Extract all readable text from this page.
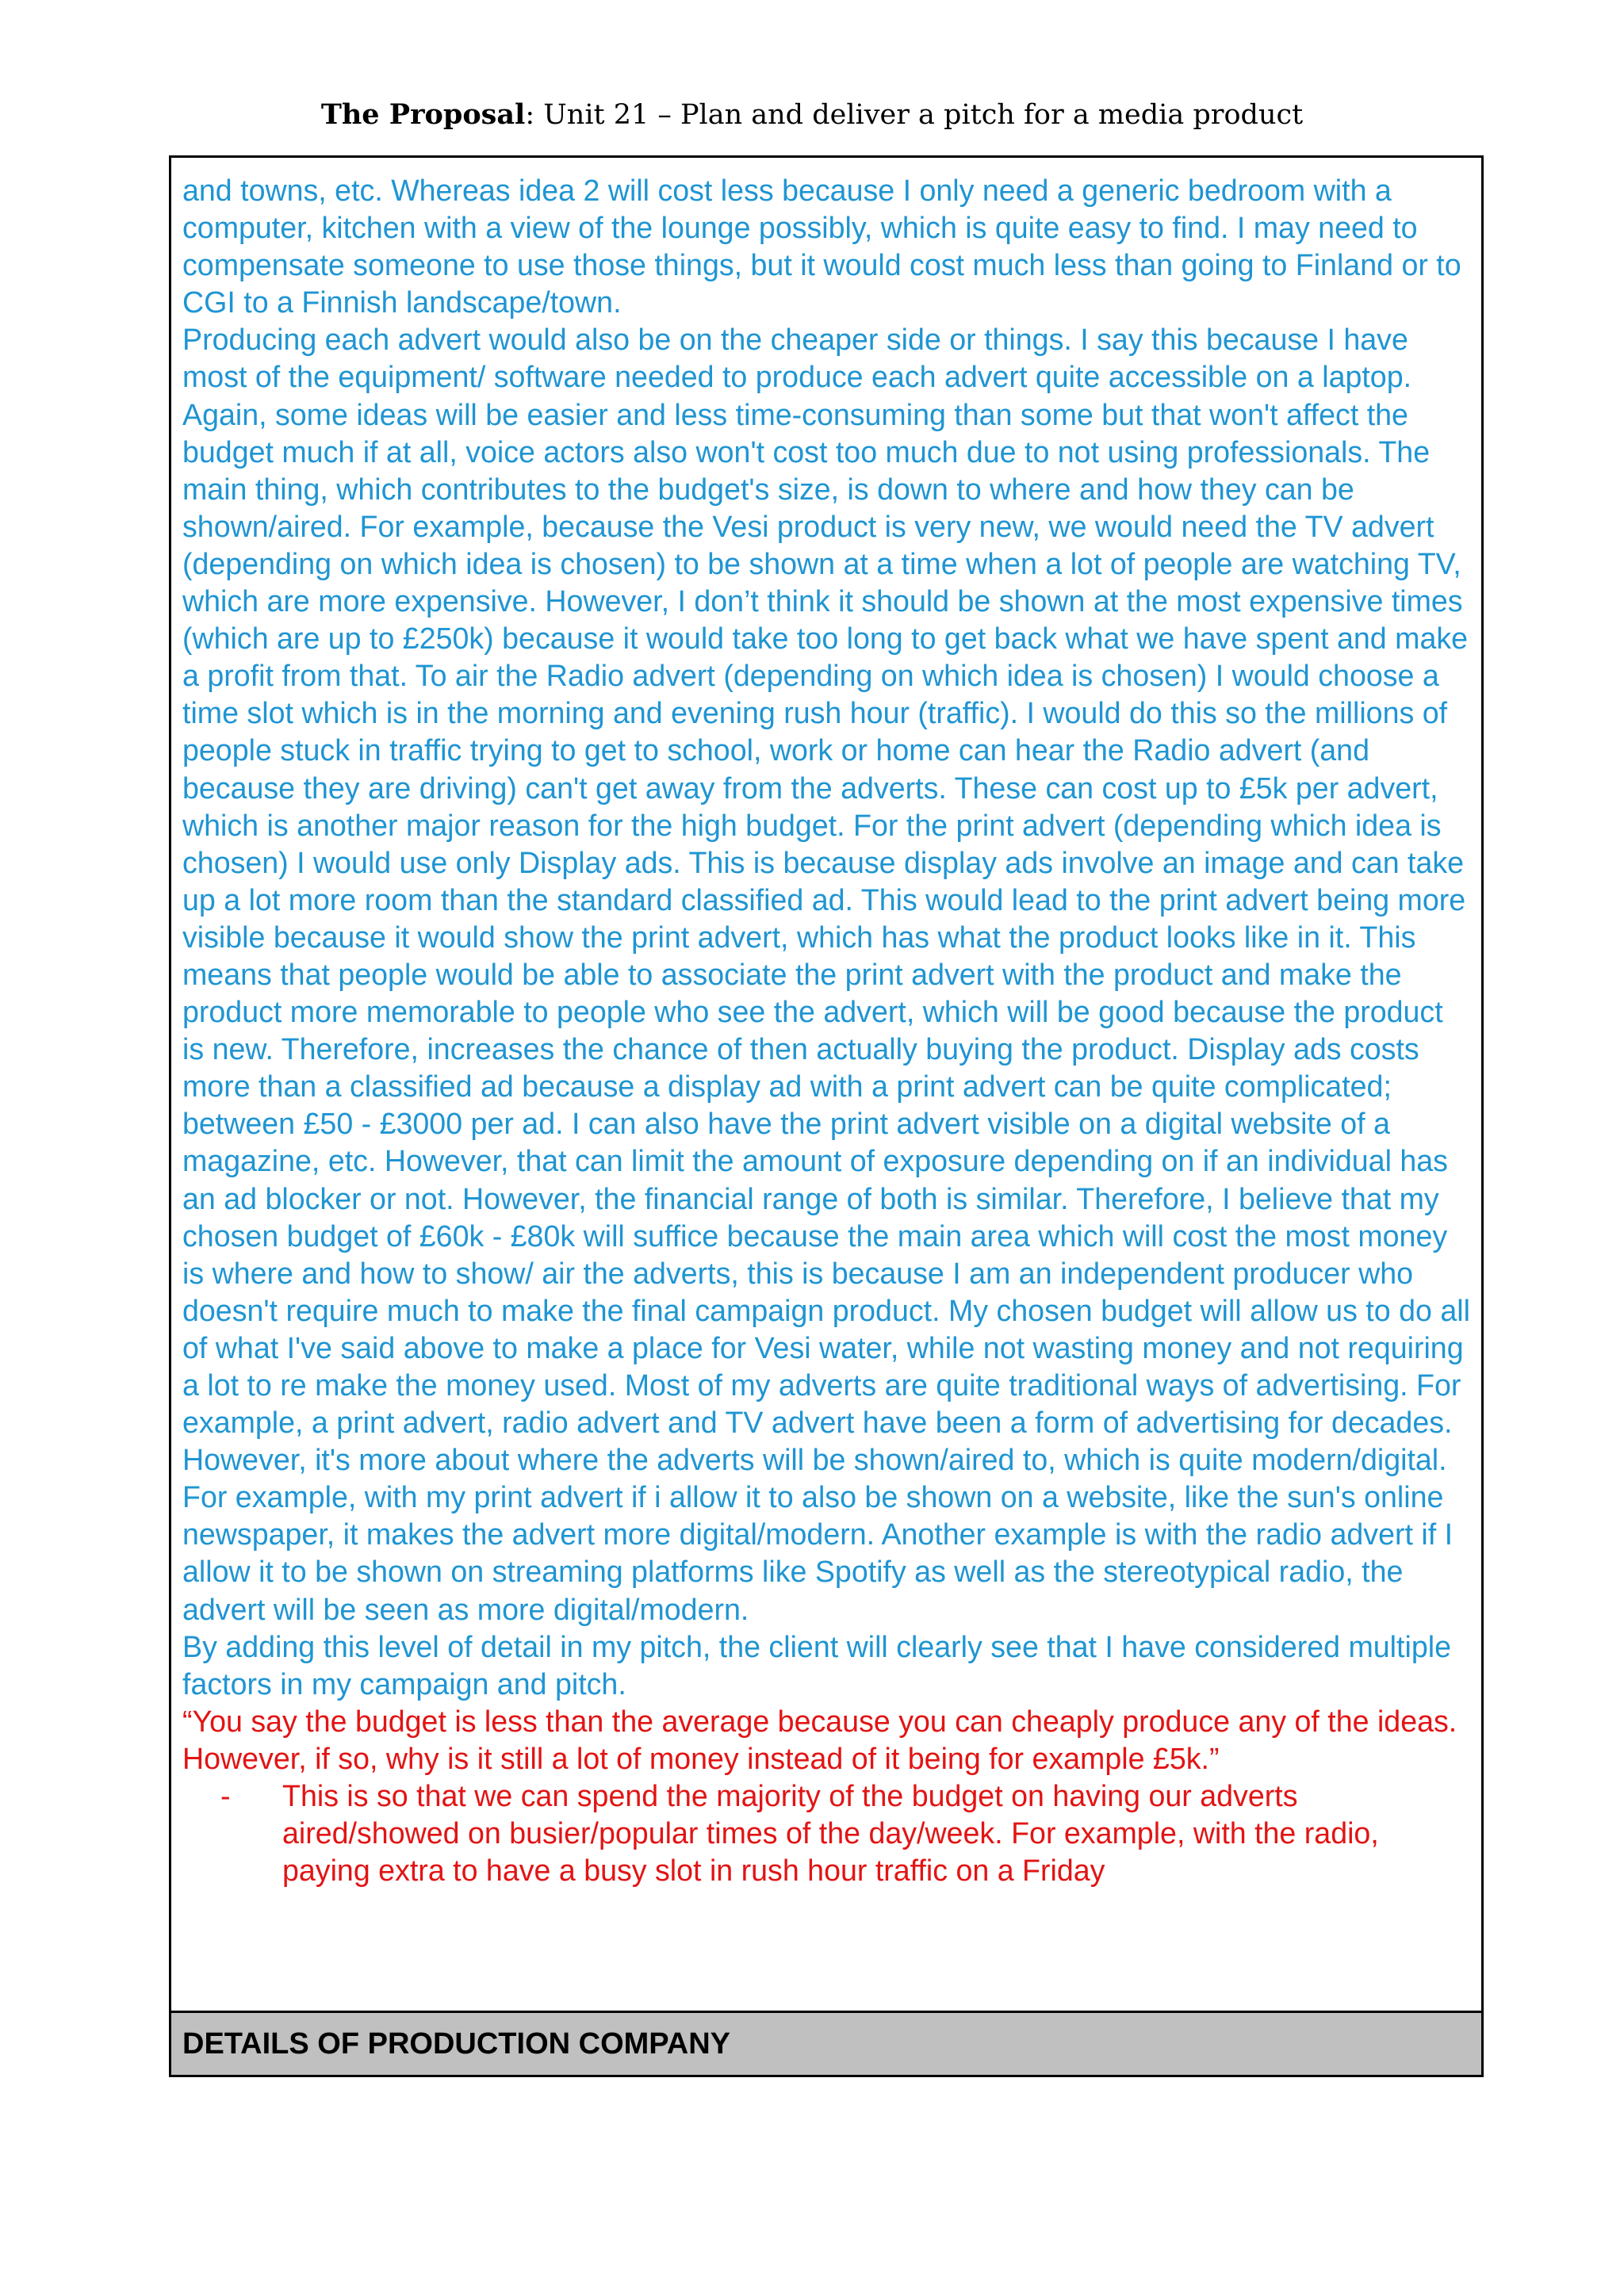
The Proposal: Unit 21 – Plan and deliver a pitch for a media product

and towns, etc. Whereas idea 2 will cost less because I only need a generic bedroom with a computer, kitchen with a view of the lounge possibly, which is quite easy to find. I may need to compensate someone to use those things, but it would cost much less than going to Finland or to CGI to a Finnish landscape/town.

Producing each advert would also be on the cheaper side or things. I say this because I have most of the equipment/ software needed to produce each advert quite accessible on a laptop. Again, some ideas will be easier and less time-consuming than some but that won't affect the budget much if at all, voice actors also won't cost too much due to not using professionals. The main thing, which contributes to the budget's size, is down to where and how they can be shown/aired. For example, because the Vesi product is very new, we would need the TV advert (depending on which idea is chosen) to be shown at a time when a lot of people are watching TV, which are more expensive. However, I don’t think it should be shown at the most expensive times (which are up to £250k) because it would take too long to get back what we have spent and make a profit from that. To air the Radio advert (depending on which idea is chosen) I would choose a time slot which is in the morning and evening rush hour (traffic). I would do this so the millions of people stuck in traffic trying to get to school, work or home can hear the Radio advert (and because they are driving) can't get away from the adverts. These can cost up to £5k per advert, which is another major reason for the high budget. For the print advert (depending which idea is chosen) I would use only Display ads. This is because display ads involve an image and can take up a lot more room than the standard classified ad. This would lead to the print advert being more visible because it would show the print advert, which has what the product looks like in it. This means that people would be able to associate the print advert with the product and make the product more memorable to people who see the advert, which will be good because the product is new. Therefore, increases the chance of then actually buying the product. Display ads costs more than a classified ad because a display ad with a print advert can be quite complicated; between £50 - £3000 per ad. I can also have the print advert visible on a digital website of a magazine, etc. However, that can limit the amount of exposure depending on if an individual has an ad blocker or not. However, the financial range of both is similar. Therefore, I believe that my chosen budget of £60k - £80k will suffice because the main area which will cost the most money is where and how to show/ air the adverts, this is because I am an independent producer who doesn't require much to make the final campaign product. My chosen budget will allow us to do all of what I've said above to make a place for Vesi water, while not wasting money and not requiring a lot to re make the money used. Most of my adverts are quite traditional ways of advertising. For example, a print advert, radio advert and TV advert have been a form of advertising for decades. However, it's more about where the adverts will be shown/aired to, which is quite modern/digital. For example, with my print advert if i allow it to also be shown on a website, like the sun's online newspaper, it makes the advert more digital/modern. Another example is with the radio advert if I allow it to be shown on streaming platforms like Spotify as well as the stereotypical radio, the advert will be seen as more digital/modern.

By adding this level of detail in my pitch, the client will clearly see that I have considered multiple factors in my campaign and pitch.

“You say the budget is less than the average because you can cheaply produce any of the ideas. However, if so, why is it still a lot of money instead of it being for example £5k.”

-	This is so that we can spend the majority of the budget on having our adverts aired/showed on busier/popular times of the day/week. For example, with the radio, paying extra to have a busy slot in rush hour traffic on a Friday
DETAILS OF PRODUCTION COMPANY
